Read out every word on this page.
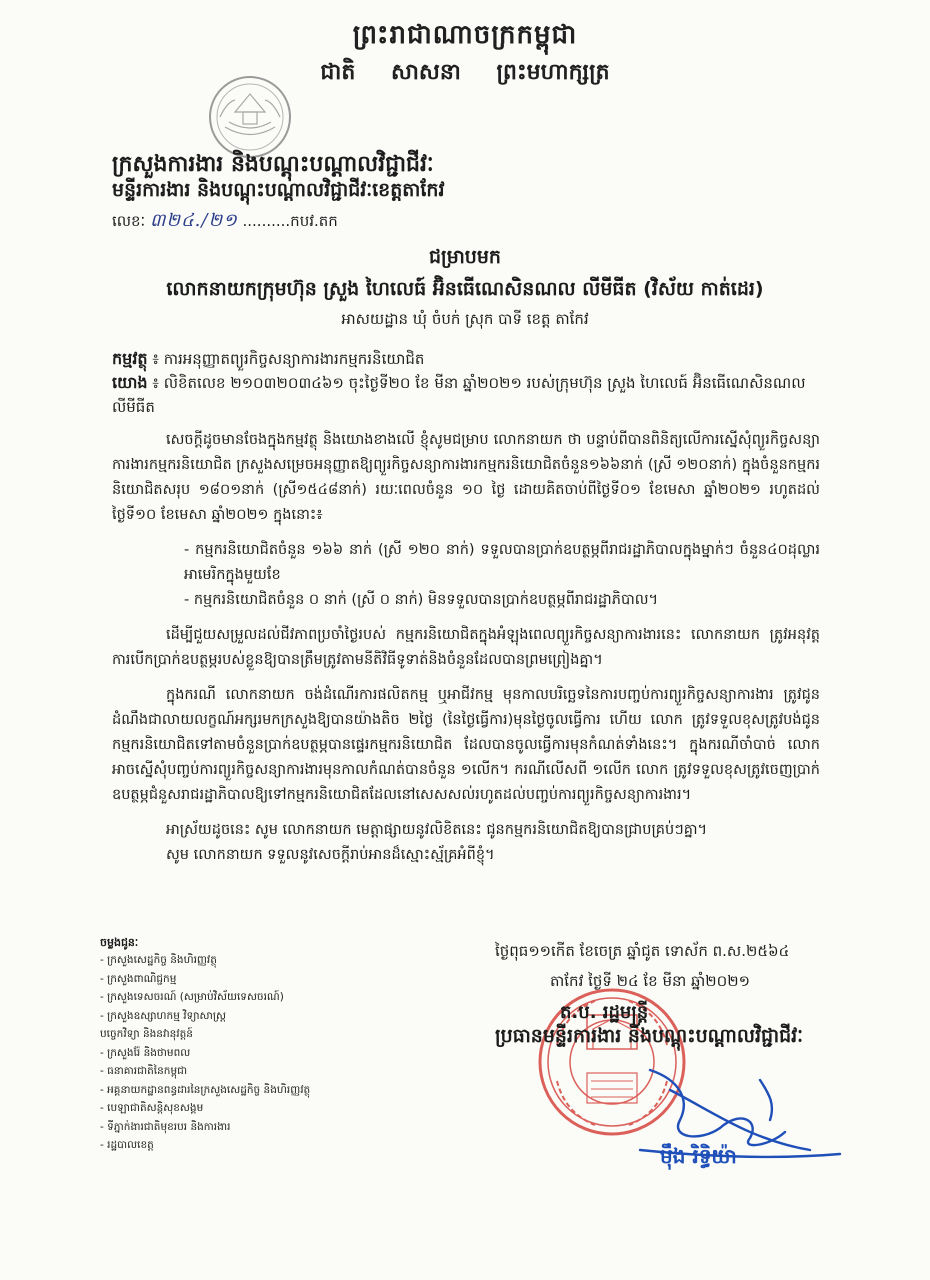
ព្រះរាជាណាចក្រកម្ពុជា
ជាតិ សាសនា ព្រះមហាក្សត្រ
ក្រសួងការងារ និងបណ្តុះបណ្តាលវិជ្ជាជីវៈ
មន្ទីរការងារ និងបណ្តុះបណ្តាលវិជ្ជាជីវៈខេត្តតាកែវ
លេខៈ ៣២៤.​/២១ ..........កបវ.តក
ជម្រាបមក
លោកនាយកក្រុមហ៊ុន ស្រួង ហៃលេធ៍ អ៊ិនធើណេសិនណល លីមីធីត (វិស័យ កាត់ដេរ)
អាសយដ្ឋាន ឃុំ ចំបក់ ស្រុក បាទី ខេត្ត តាកែវ
កម្មវត្ថុ ៖ ការអនុញ្ញាតព្យួរកិច្ចសន្យាការងារកម្មករនិយោជិត
យោង ៖ លិខិតលេខ ២១០៣២០៣៤៦១ ចុះថ្ងៃទី២០ ខែ មីនា ឆ្នាំ២០២១ របស់ក្រុមហ៊ុន ស្រួង ហៃលេធ៍ អ៊ិនធើណេសិនណល លីមីធីត

សេចក្តីដូចមានចែងក្នុងកម្មវត្ថុ និងយោងខាងលើ ខ្ញុំសូមជម្រាប លោកនាយក ថា បន្ទាប់ពីបានពិនិត្យលើការស្នើសុំព្យួរកិច្ចសន្យាការងារកម្មករនិយោជិត ក្រសួងសម្រេចអនុញ្ញាតឱ្យព្យួរកិច្ចសន្យាការងារកម្មករនិយោជិតចំនួន១៦៦នាក់ (ស្រី ១២០នាក់) ក្នុងចំនួនកម្មករនិយោជិតសរុប ១៨០១នាក់ (ស្រី១៥៤៨នាក់) រយៈពេលចំនួន ១០ ថ្ងៃ ដោយគិតចាប់ពីថ្ងៃទី០១ ខែមេសា ឆ្នាំ២០២១ រហូតដល់ថ្ងៃទី១០ ខែមេសា ឆ្នាំ២០២១ ក្នុងនោះ៖

- កម្មករនិយោជិតចំនួន ១៦៦ នាក់ (ស្រី ១២០ នាក់) ទទួលបានប្រាក់ឧបត្ថម្ភពីរាជរដ្ឋាភិបាលក្នុងម្នាក់ៗ ចំនួន៤០ដុល្លារអាមេរិកក្នុងមួយខែ
- កម្មករនិយោជិតចំនួន ០ នាក់ (ស្រី ០ នាក់) មិនទទួលបានប្រាក់ឧបត្ថម្ភពីរាជរដ្ឋាភិបាល។

ដើម្បីជួយសម្រួលដល់ជីវភាពប្រចាំថ្ងៃរបស់ កម្មករនិយោជិតក្នុងអំឡុងពេលព្យួរកិច្ចសន្យាការងារនេះ លោកនាយក ត្រូវអនុវត្តការបើកប្រាក់ឧបត្ថម្ភរបស់ខ្លួនឱ្យបានត្រឹមត្រូវតាមនីតិវិធីទូទាត់និងចំនួនដែលបានព្រមព្រៀងគ្នា។

ក្នុងករណី លោកនាយក ចង់ដំណើរការផលិតកម្ម ឬអាជីវកម្ម មុនកាលបរិច្ឆេទនៃការបញ្ចប់ការព្យួរកិច្ចសន្យាការងារ ត្រូវជូនដំណឹងជាលាយលក្ខណ៍អក្សរមកក្រសួងឱ្យបានយ៉ាងតិច ២ថ្ងៃ (នៃថ្ងៃធ្វើការ)មុនថ្ងៃចូលធ្វើការ ហើយ លោក ត្រូវទទួលខុសត្រូវបង់ជូនកម្មករនិយោជិតទៅតាមចំនួនប្រាក់ឧបត្ថម្ភបានផ្ទេរកម្មករនិយោជិត ដែលបានចូលធ្វើការមុនកំណត់ទាំងនេះ។ ក្នុងករណីចាំបាច់ លោក អាចស្នើសុំបញ្ចប់ការព្យួរកិច្ចសន្យាការងារមុនកាលកំណត់បានចំនួន ១លើក។ ករណីលើសពី ១លើក លោក ត្រូវទទួលខុសត្រូវចេញប្រាក់ឧបត្ថម្ភជំនួសរាជរដ្ឋាភិបាលឱ្យទៅកម្មករនិយោជិតដែលនៅសេសសល់រហូតដល់បញ្ចប់ការព្យួរកិច្ចសន្យាការងារ។

អាស្រ័យដូចនេះ សូម លោកនាយក មេត្តាផ្សាយនូវលិខិតនេះ ជូនកម្មករនិយោជិតឱ្យបានជ្រាបគ្រប់ៗគ្នា។

សូម លោកនាយក ទទួលនូវសេចក្តីរាប់អានដ៏ស្មោះស្ម័គ្រអំពីខ្ញុំ។

ចម្លងជូនៈ
- ក្រសួងសេដ្ឋកិច្ច និងហិរញ្ញវត្ថុ
- ក្រសួងពាណិជ្ជកម្ម
- ក្រសួងទេសចរណ៍ (សម្រាប់វិស័យទេសចរណ៍)
- ក្រសួងឧស្សាហកម្ម វិទ្យាសាស្ត្រ
បច្ចេកវិទ្យា និងនវានុវត្តន៍
- ក្រសួងរ៉ែ និងថាមពល
- ធនាគារជាតិនៃកម្ពុជា
- អគ្គនាយកដ្ឋានពន្ធដារនៃក្រសួងសេដ្ឋកិច្ច និងហិរញ្ញវត្ថុ
- បេឡាជាតិសន្តិសុខសង្គម
- ទីភ្នាក់ងារជាតិមុខរបរ និងការងារ
- រដ្ឋបាលខេត្ត
ថ្ងៃពុធ១១កើត ខែចេត្រ ឆ្នាំជូត ទោស័ក ព.ស.២៥៦៤
តាកែវ ថ្ងៃទី ២៤ ខែ មីនា ឆ្នាំ២០២១
ត.ប. រដ្ឋមន្ត្រី
ប្រធានមន្ទីរការងារ និងបណ្តុះបណ្តាលវិជ្ជាជីវៈ
ម៉ឹង រិទ្ធិយ៉ា
